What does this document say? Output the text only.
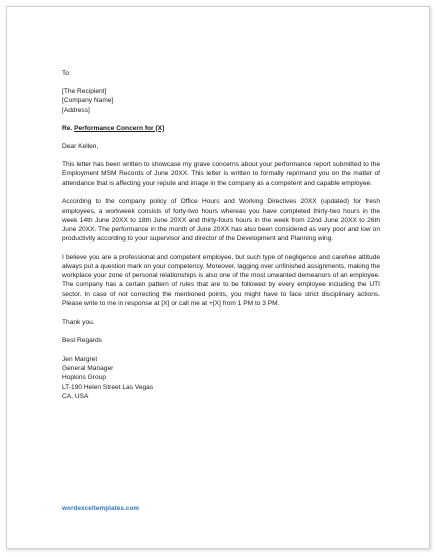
To
[The Recipient]
[Company Name]
[Address]
Re. Performance Concern for [X]
Dear Kellen,

This letter has been written to showcase my grave concerns about your performance report submitted to the Employment MSM Records of June 20XX. This letter is written to formally reprimand you on the matter of attendance that is affecting your repute and image in the company as a competent and capable employee.

According to the company policy of Office Hours and Working Directives 20XX (updated) for fresh employees, a workweek consists of forty-two hours whereas you have completed thirty-two hours in the week 14th June 20XX to 18th June 20XX and thirty-fours hours in the week from 22nd June 20XX to 26th June 20XX. The performance in the month of June 20XX has also been considered as very poor and low on productivity according to your supervisor and director of the Development and Planning wing.

I believe you are a professional and competent employee, but such type of negligence and carefree attitude always put a question mark on your competency. Moreover, lagging over unfinished assignments, making the workplace your zone of personal relationships is also one of the most unwanted demeanors of an employee. The company has a certain pattern of rules that are to be followed by every employee including the UTI sector. In case of not correcting the mentioned points, you might have to face strict disciplinary actions. Please write to me in response at [X] or call me at +[X] from 1 PM to 3 PM.

Thank you.
Best Regards
Jen Margret
General Manager
Hopkins Group
LT-190 Helen Street Las Vegas
CA, USA
wordexceltemplates.com
